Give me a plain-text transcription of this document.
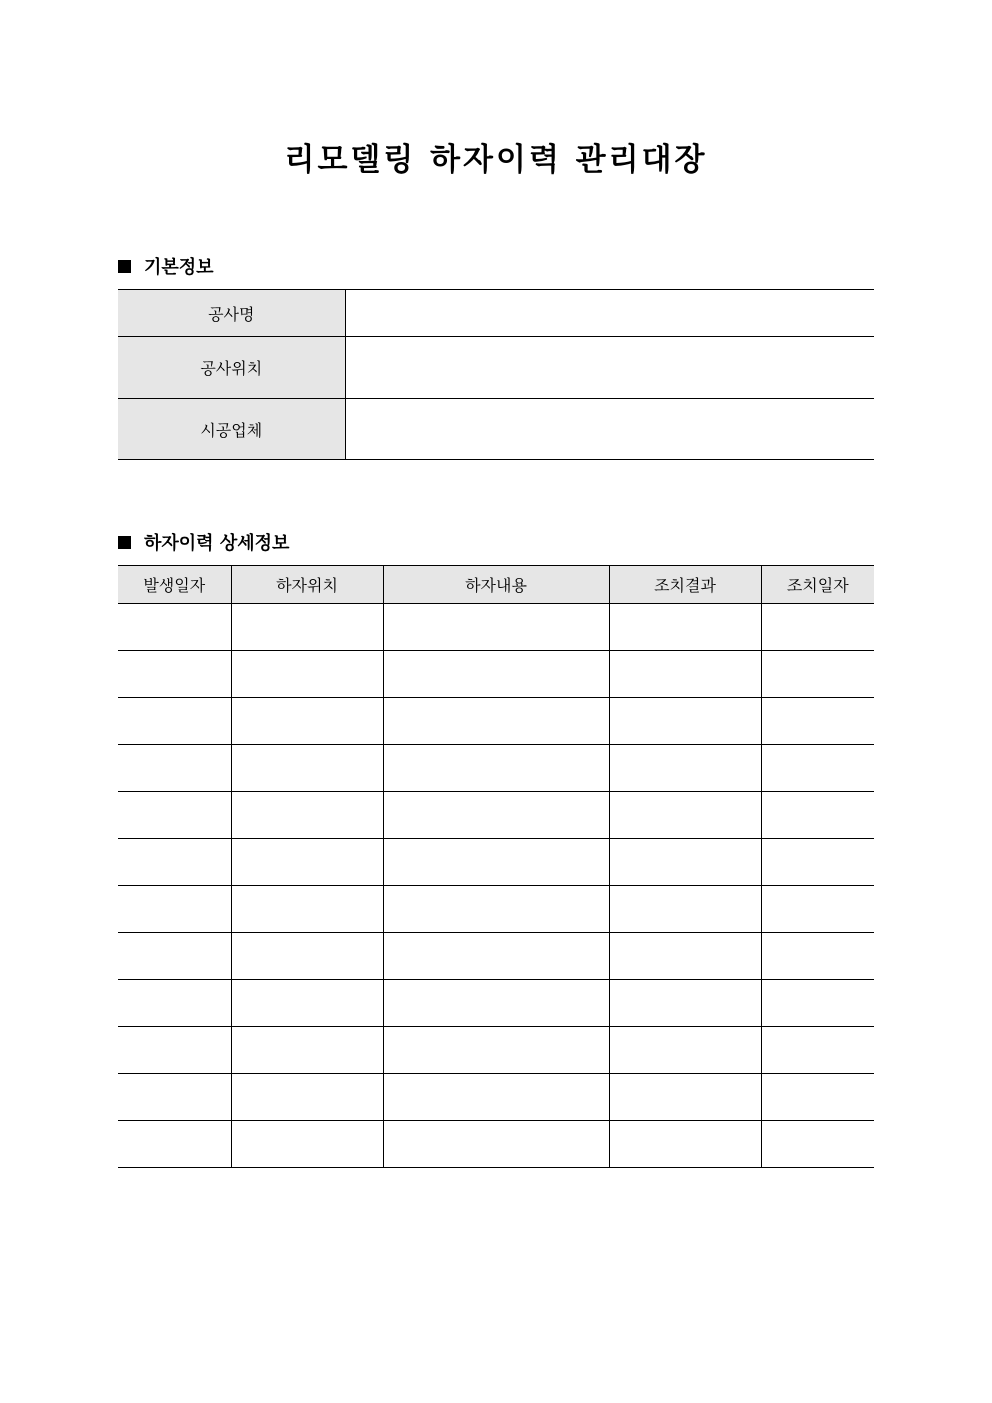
리모델링 하자이력 관리대장
기본정보
공사명	
공사위치	
시공업체	
하자이력 상세정보
발생일자	하자위치	하자내용	조치결과	조치일자
